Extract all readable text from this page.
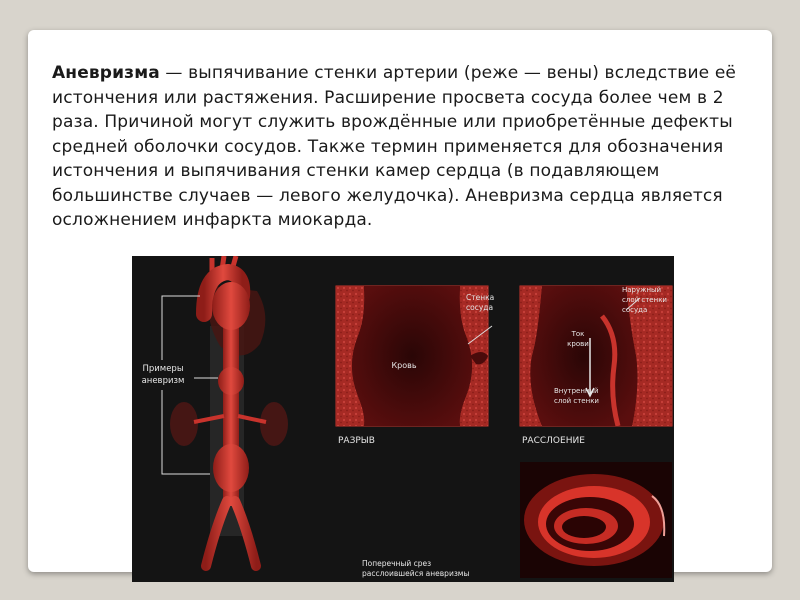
Аневризма — выпячивание стенки артерии (реже — вены) вследствие её истончения или растяжения. Расширение просвета сосуда более чем в 2 раза. Причиной могут служить врождённые или приобретённые дефекты средней оболочки сосудов. Также термин применяется для обозначения истончения и выпячивания стенки камер сердца (в подавляющем большинстве случаев — левого желудочка). Аневризма сердца является осложнением инфаркта миокарда.
Примеры
аневризм
Стенка
сосуда
Кровь
РАЗРЫВ
Наружный
слой стенки
сосуда
Ток
крови
Внутренний
слой стенки
РАССЛОЕНИЕ
Поперечный срез
расслоившейся аневризмы
